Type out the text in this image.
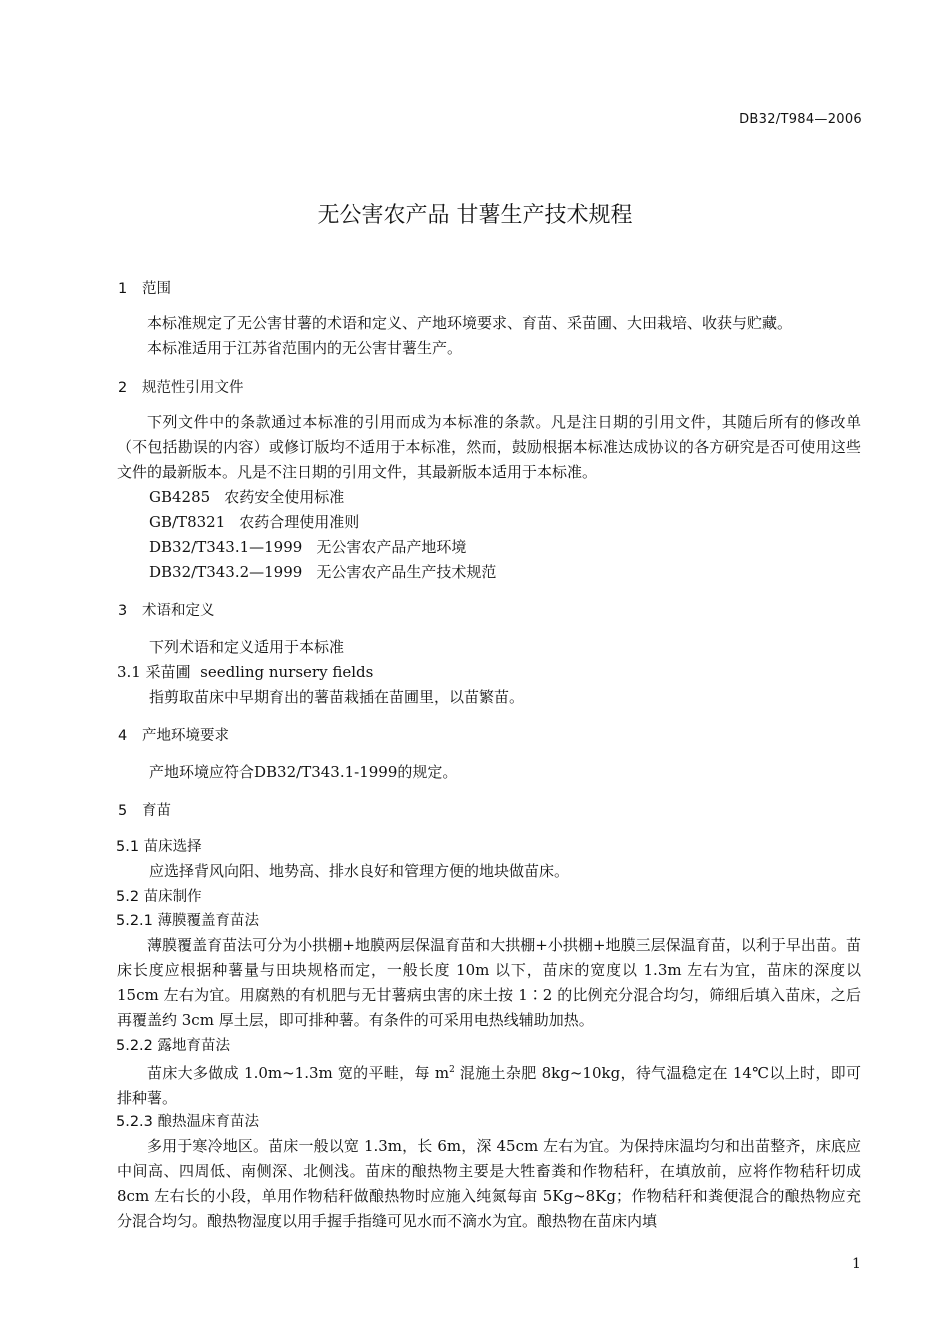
DB32/T984—2006
无公害农产品 甘薯生产技术规程
1 范围
本标准规定了无公害甘薯的术语和定义、产地环境要求、育苗、采苗圃、大田栽培、收获与贮藏。
本标准适用于江苏省范围内的无公害甘薯生产。
2 规范性引用文件
下列文件中的条款通过本标准的引用而成为本标准的条款。凡是注日期的引用文件，其随后所有的修改单（不包括勘误的内容）或修订版均不适用于本标准，然而，鼓励根据本标准达成协议的各方研究是否可使用这些文件的最新版本。凡是不注日期的引用文件，其最新版本适用于本标准。
GB4285 农药安全使用标准
GB/T8321 农药合理使用准则
DB32/T343.1—1999 无公害农产品产地环境
DB32/T343.2—1999 无公害农产品生产技术规范
3 术语和定义
下列术语和定义适用于本标准
3.1 采苗圃 seedling nursery fields
指剪取苗床中早期育出的薯苗栽插在苗圃里，以苗繁苗。
4 产地环境要求
产地环境应符合DB32/T343.1-1999的规定。
5 育苗
5.1 苗床选择
应选择背风向阳、地势高、排水良好和管理方便的地块做苗床。
5.2 苗床制作
5.2.1 薄膜覆盖育苗法
薄膜覆盖育苗法可分为小拱棚+地膜两层保温育苗和大拱棚+小拱棚+地膜三层保温育苗，以利于早出苗。苗床长度应根据种薯量与田块规格而定，一般长度 10m 以下，苗床的宽度以 1.3m 左右为宜，苗床的深度以 15cm 左右为宜。用腐熟的有机肥与无甘薯病虫害的床土按 1∶2 的比例充分混合均匀，筛细后填入苗床，之后再覆盖约 3cm 厚土层，即可排种薯。有条件的可采用电热线辅助加热。
5.2.2 露地育苗法
苗床大多做成 1.0m~1.3m 宽的平畦，每 $m^2$ 混施土杂肥 8kg~10kg，待气温稳定在 14℃以上时，即可排种薯。
5.2.3 酿热温床育苗法
多用于寒冷地区。苗床一般以宽 1.3m，长 6m，深 45cm 左右为宜。为保持床温均匀和出苗整齐，床底应中间高、四周低、南侧深、北侧浅。苗床的酿热物主要是大牲畜粪和作物秸秆，在填放前，应将作物秸秆切成 8cm 左右长的小段，单用作物秸秆做酿热物时应施入纯氮每亩 5Kg~8Kg；作物秸秆和粪便混合的酿热物应充分混合均匀。酿热物湿度以用手握手指缝可见水而不滴水为宜。酿热物在苗床内填
1
